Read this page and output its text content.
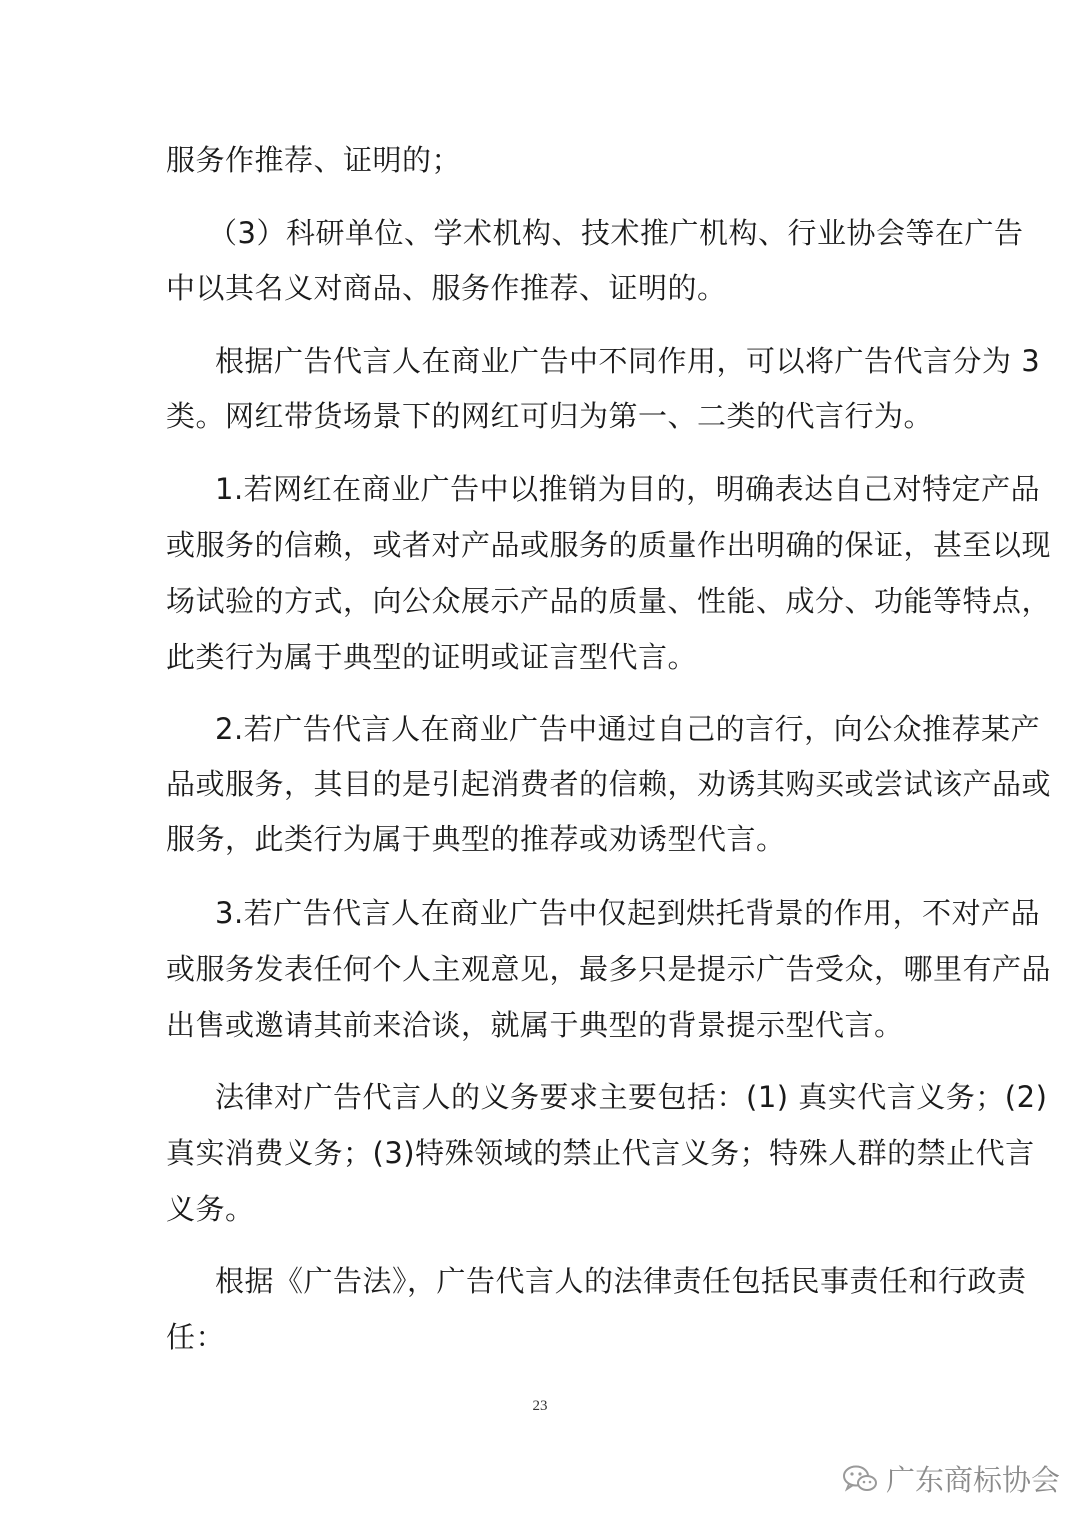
服务作推荐、证明的；

（3）科研单位、学术机构、技术推广机构、行业协会等在广告

中以其名义对商品、服务作推荐、证明的。

根据广告代言人在商业广告中不同作用，可以将广告代言分为 3

类。网红带货场景下的网红可归为第一、二类的代言行为。

1.若网红在商业广告中以推销为目的，明确表达自己对特定产品

或服务的信赖，或者对产品或服务的质量作出明确的保证，甚至以现

场试验的方式，向公众展示产品的质量、性能、成分、功能等特点，

此类行为属于典型的证明或证言型代言。

2.若广告代言人在商业广告中通过自己的言行，向公众推荐某产

品或服务，其目的是引起消费者的信赖，劝诱其购买或尝试该产品或

服务，此类行为属于典型的推荐或劝诱型代言。

3.若广告代言人在商业广告中仅起到烘托背景的作用，不对产品

或服务发表任何个人主观意见，最多只是提示广告受众，哪里有产品

出售或邀请其前来洽谈，就属于典型的背景提示型代言。

法律对广告代言人的义务要求主要包括：(1) 真实代言义务；(2)

真实消费义务；(3)特殊领域的禁止代言义务；特殊人群的禁止代言

义务。

根据《广告法》，广告代言人的法律责任包括民事责任和行政责

任：

23
广东商标协会
